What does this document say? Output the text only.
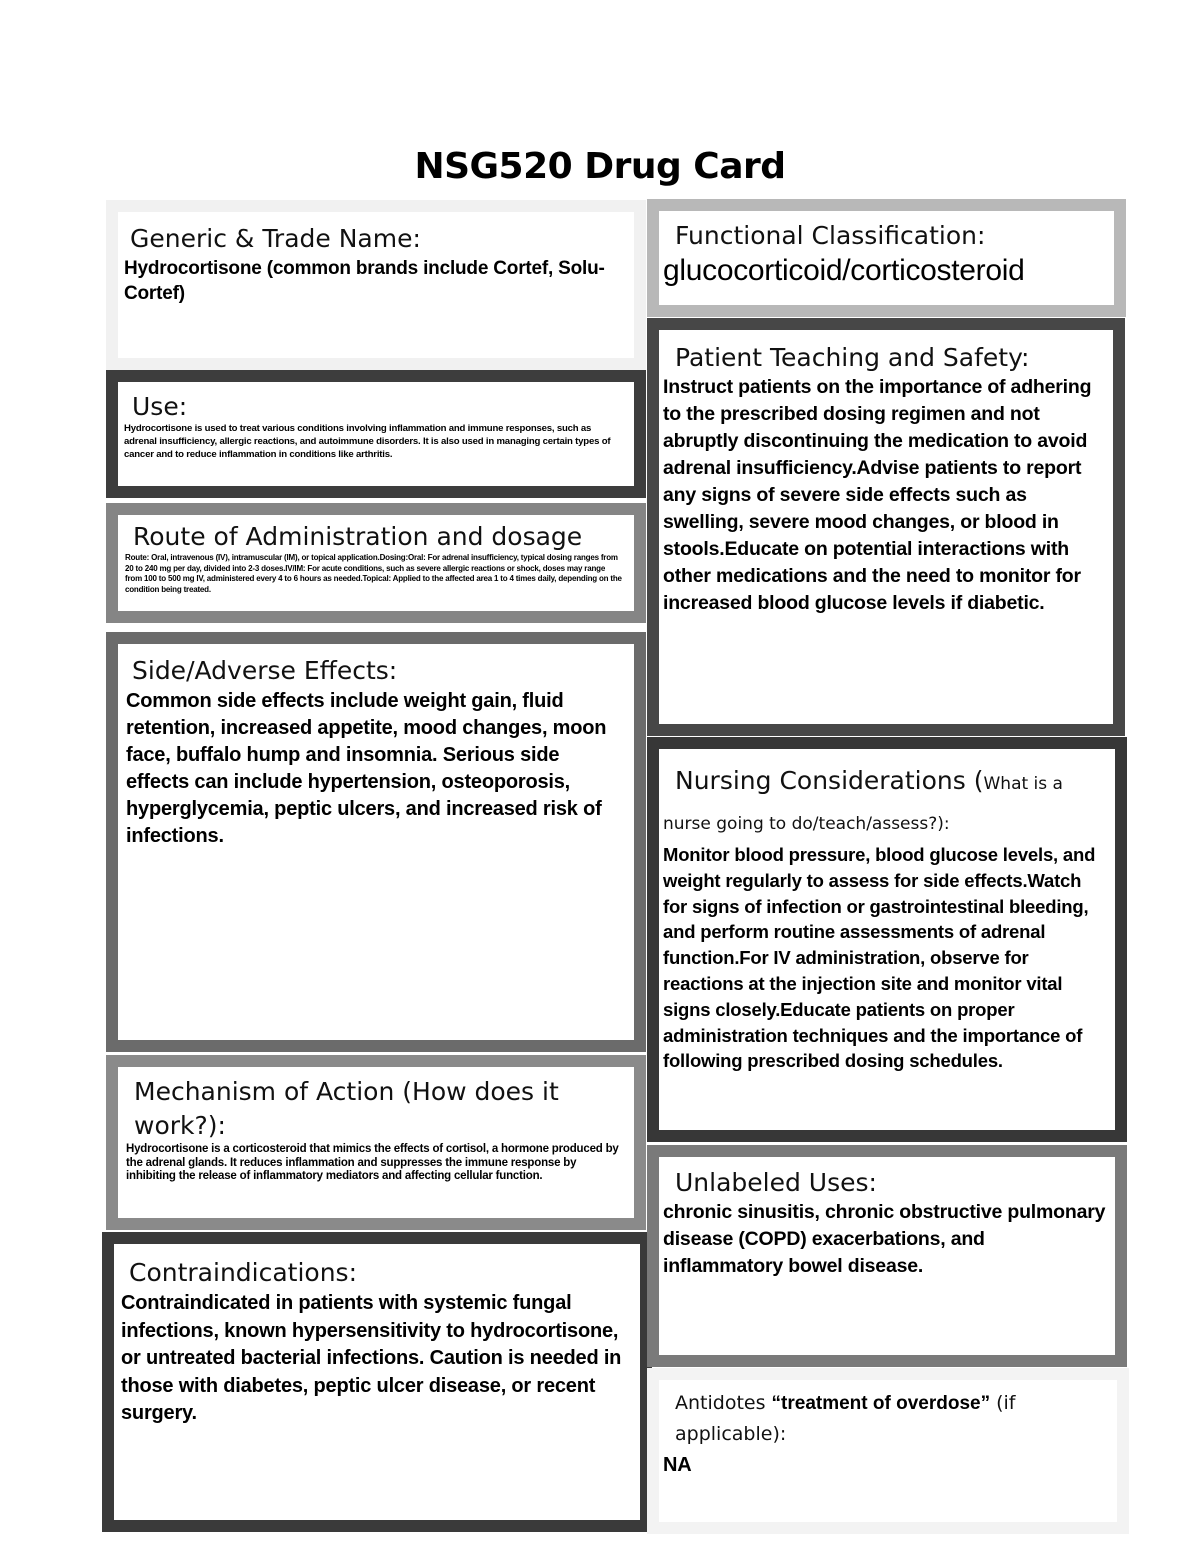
NSG520 Drug Card
Generic & Trade Name:
Hydrocortisone (common brands include Cortef, Solu-Cortef)
Use:
Hydrocortisone is used to treat various conditions involving inflammation and immune responses, such as adrenal insufficiency, allergic reactions, and autoimmune disorders. It is also used in managing certain types of cancer and to reduce inflammation in conditions like arthritis.
Route of Administration and dosage
Route: Oral, intravenous (IV), intramuscular (IM), or topical application.Dosing:Oral: For adrenal insufficiency, typical dosing ranges from 20 to 240 mg per day, divided into 2-3 doses.IV/IM: For acute conditions, such as severe allergic reactions or shock, doses may range from 100 to 500 mg IV, administered every 4 to 6 hours as needed.Topical: Applied to the affected area 1 to 4 times daily, depending on the condition being treated.
Side/Adverse Effects:
Common side effects include weight gain, fluid retention, increased appetite, mood changes, moon face, buffalo hump and insomnia. Serious side effects can include hypertension, osteoporosis, hyperglycemia, peptic ulcers, and increased risk of infections.
Mechanism of Action (How does it work?):
Hydrocortisone is a corticosteroid that mimics the effects of cortisol, a hormone produced by the adrenal glands. It reduces inflammation and suppresses the immune response by inhibiting the release of inflammatory mediators and affecting cellular function.
Contraindications:
Contraindicated in patients with systemic fungal infections, known hypersensitivity to hydrocortisone, or untreated bacterial infections. Caution is needed in those with diabetes, peptic ulcer disease, or recent surgery.
Functional Classification:
glucocorticoid/corticosteroid
Patient Teaching and Safety:
Instruct patients on the importance of adhering to the prescribed dosing regimen and not abruptly discontinuing the medication to avoid adrenal insufficiency.Advise patients to report any signs of severe side effects such as swelling, severe mood changes, or blood in stools.Educate on potential interactions with other medications and the need to monitor for increased blood glucose levels if diabetic.
Nursing Considerations (What is a nurse going to do/teach/assess?):
Monitor blood pressure, blood glucose levels, and weight regularly to assess for side effects.Watch for signs of infection or gastrointestinal bleeding, and perform routine assessments of adrenal function.For IV administration, observe for reactions at the injection site and monitor vital signs closely.Educate patients on proper administration techniques and the importance of following prescribed dosing schedules.
Unlabeled Uses:
chronic sinusitis, chronic obstructive pulmonary disease (COPD) exacerbations, and inflammatory bowel disease.
Antidotes “treatment of overdose” (if applicable):
NA
